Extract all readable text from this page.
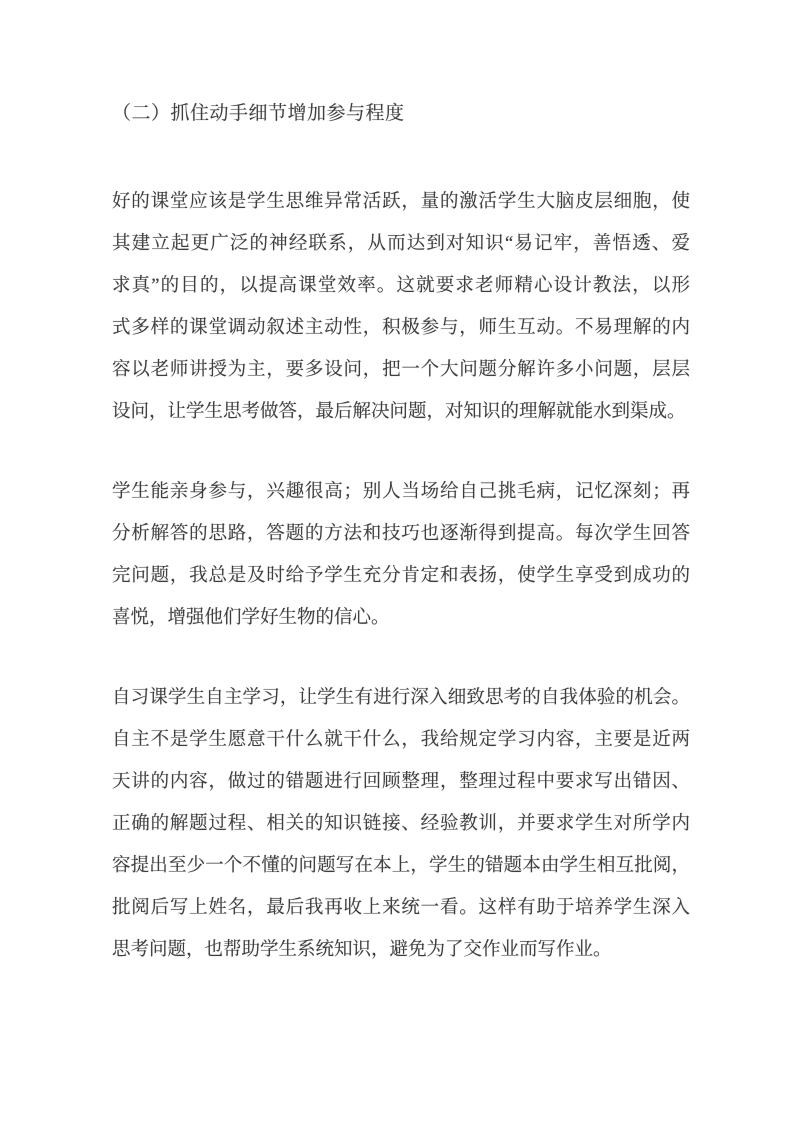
（二）抓住动手细节增加参与程度
好的课堂应该是学生思维异常活跃，量的激活学生大脑皮层细胞，使
其建立起更广泛的神经联系，从而达到对知识“易记牢，善悟透、爱
求真”的目的，以提高课堂效率。这就要求老师精心设计教法，以形
式多样的课堂调动叙述主动性，积极参与，师生互动。不易理解的内
容以老师讲授为主，要多设问，把一个大问题分解许多小问题，层层
设问，让学生思考做答，最后解决问题，对知识的理解就能水到渠成。
学生能亲身参与，兴趣很高；别人当场给自己挑毛病，记忆深刻；再
分析解答的思路，答题的方法和技巧也逐渐得到提高。每次学生回答
完问题，我总是及时给予学生充分肯定和表扬，使学生享受到成功的
喜悦，增强他们学好生物的信心。
自习课学生自主学习，让学生有进行深入细致思考的自我体验的机会。
自主不是学生愿意干什么就干什么，我给规定学习内容，主要是近两
天讲的内容，做过的错题进行回顾整理，整理过程中要求写出错因、
正确的解题过程、相关的知识链接、经验教训，并要求学生对所学内
容提出至少一个不懂的问题写在本上，学生的错题本由学生相互批阅，
批阅后写上姓名，最后我再收上来统一看。这样有助于培养学生深入
思考问题，也帮助学生系统知识，避免为了交作业而写作业。
